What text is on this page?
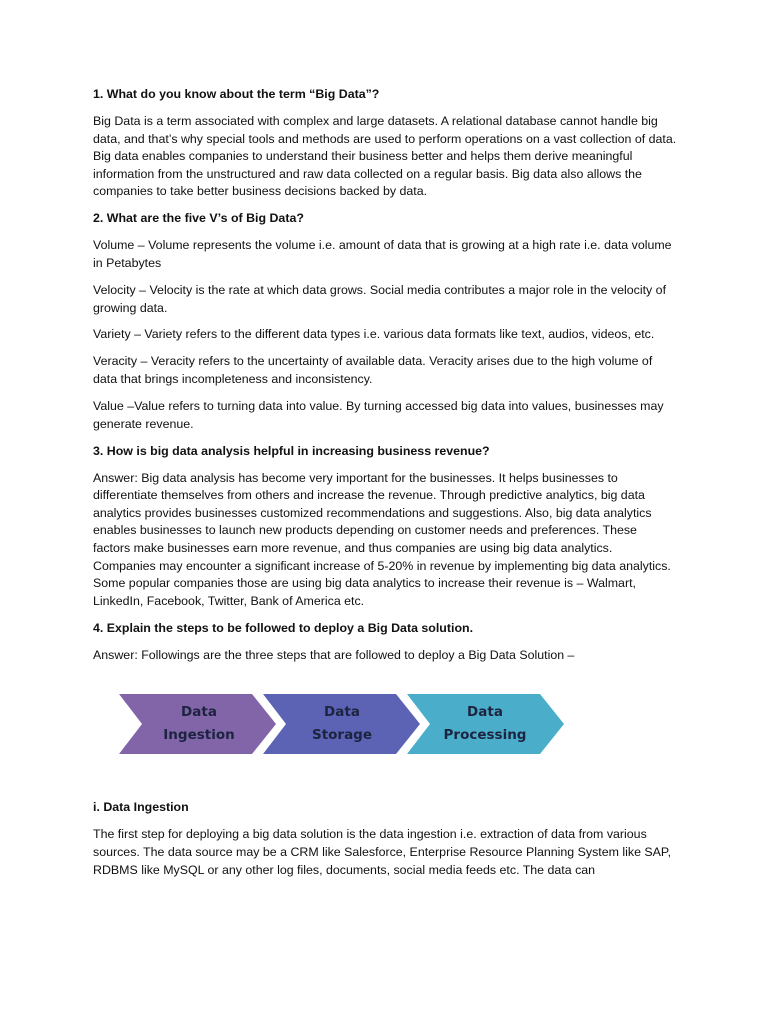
1. What do you know about the term “Big Data”?
Big Data is a term associated with complex and large datasets. A relational database cannot handle big data, and that’s why special tools and methods are used to perform operations on a vast collection of data. Big data enables companies to understand their business better and helps them derive meaningful information from the unstructured and raw data collected on a regular basis. Big data also allows the companies to take better business decisions backed by data.
2. What are the five V’s of Big Data?
Volume – Volume represents the volume i.e. amount of data that is growing at a high rate i.e. data volume in Petabytes
Velocity – Velocity is the rate at which data grows. Social media contributes a major role in the velocity of growing data.
Variety – Variety refers to the different data types i.e. various data formats like text, audios, videos, etc.
Veracity – Veracity refers to the uncertainty of available data. Veracity arises due to the high volume of data that brings incompleteness and inconsistency.
Value –Value refers to turning data into value. By turning accessed big data into values, businesses may generate revenue.
3. How is big data analysis helpful in increasing business revenue?
Answer: Big data analysis has become very important for the businesses. It helps businesses to differentiate themselves from others and increase the revenue. Through predictive analytics, big data analytics provides businesses customized recommendations and suggestions. Also, big data analytics enables businesses to launch new products depending on customer needs and preferences. These factors make businesses earn more revenue, and thus companies are using big data analytics. Companies may encounter a significant increase of 5-20% in revenue by implementing big data analytics. Some popular companies those are using big data analytics to increase their revenue is – Walmart, LinkedIn, Facebook, Twitter, Bank of America etc.
4. Explain the steps to be followed to deploy a Big Data solution.
Answer: Followings are the three steps that are followed to deploy a Big Data Solution –
Data
Ingestion
Data
Storage
Data
Processing
i. Data Ingestion
The first step for deploying a big data solution is the data ingestion i.e. extraction of data from various sources. The data source may be a CRM like Salesforce, Enterprise Resource Planning System like SAP, RDBMS like MySQL or any other log files, documents, social media feeds etc. The data can
